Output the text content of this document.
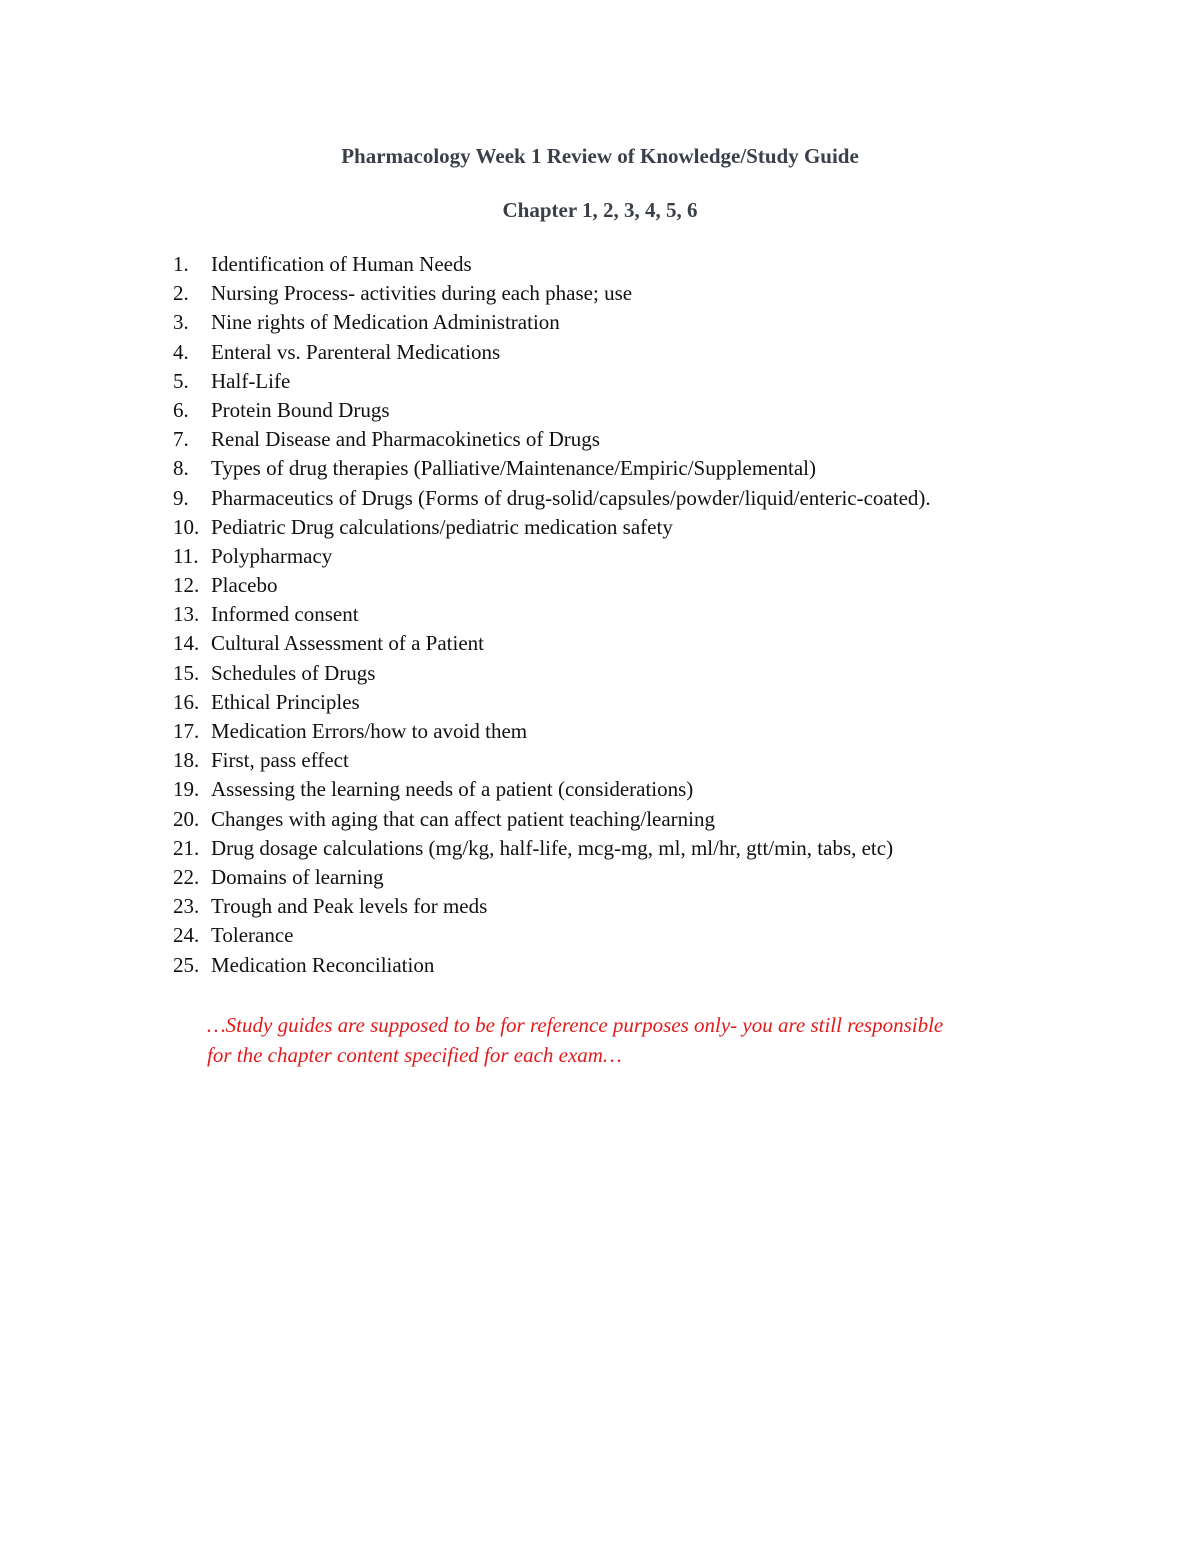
Pharmacology Week 1 Review of Knowledge/Study Guide
Chapter 1, 2, 3, 4, 5, 6
1.	Identification of Human Needs
2.	Nursing Process- activities during each phase; use
3.	Nine rights of Medication Administration
4.	Enteral vs. Parenteral Medications
5.	Half-Life
6.	Protein Bound Drugs
7.	Renal Disease and Pharmacokinetics of Drugs
8.	Types of drug therapies (Palliative/Maintenance/Empiric/Supplemental)
9.	Pharmaceutics of Drugs (Forms of drug-solid/capsules/powder/liquid/enteric-coated).
10. Pediatric Drug calculations/pediatric medication safety
11. Polypharmacy
12. Placebo
13. Informed consent
14. Cultural Assessment of a Patient
15. Schedules of Drugs
16. Ethical Principles
17. Medication Errors/how to avoid them
18. First, pass effect
19. Assessing the learning needs of a patient (considerations)
20. Changes with aging that can affect patient teaching/learning
21. Drug dosage calculations (mg/kg, half-life, mcg-mg, ml, ml/hr, gtt/min, tabs, etc)
22. Domains of learning
23. Trough and Peak levels for meds
24. Tolerance
25. Medication Reconciliation

…Study guides are supposed to be for reference purposes only- you are still responsible
for the chapter content specified for each exam…
